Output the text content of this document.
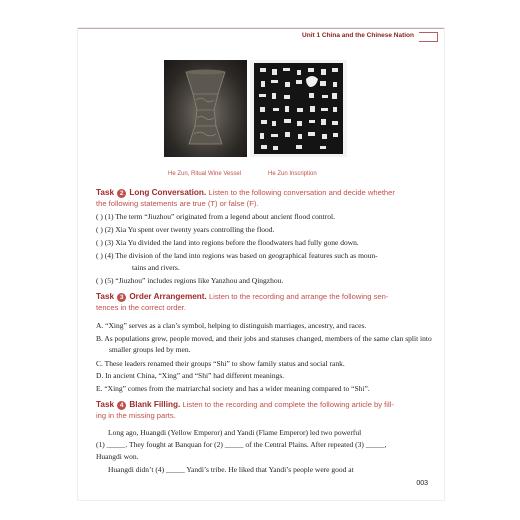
Unit 1 China and the Chinese Nation
He Zun, Ritual Wine Vessel	He Zun Inscription
Task 2 Long Conversation. Listen to the following conversation and decide whether
the following statements are true (T) or false (F).
( ) (1) The term “Jiuzhou” originated from a legend about ancient flood control.
( ) (2) Xia Yu spent over twenty years controlling the flood.
( ) (3) Xia Yu divided the land into regions before the floodwaters had fully gone down.
( ) (4) The division of the land into regions was based on geographical features such as moun-
tains and rivers.
( ) (5) “Jiuzhou” includes regions like Yanzhou and Qingzhou.
Task 3 Order Arrangement. Listen to the recording and arrange the following sen-
tences in the correct order.
A. “Xing” serves as a clan’s symbol, helping to distinguish marriages, ancestry, and races.
B. As populations grew, people moved, and their jobs and statuses changed, members of the same clan split into smaller groups led by men.
C. These leaders renamed their groups “Shi” to show family status and social rank.
D. In ancient China, “Xing” and “Shi” had different meanings.
E. “Xing” comes from the matriarchal society and has a wider meaning compared to “Shi”.
Task 4 Blank Filling. Listen to the recording and complete the following article by fill-
ing in the missing parts.
Long ago, Huangdi (Yellow Emperor) and Yandi (Flame Emperor) led two powerful
(1) _____. They fought at Banquan for (2) _____ of the Central Plains. After repeated (3) _____,
Huangdi won.
Huangdi didn’t (4) _____ Yandi’s tribe. He liked that Yandi’s people were good at
003
